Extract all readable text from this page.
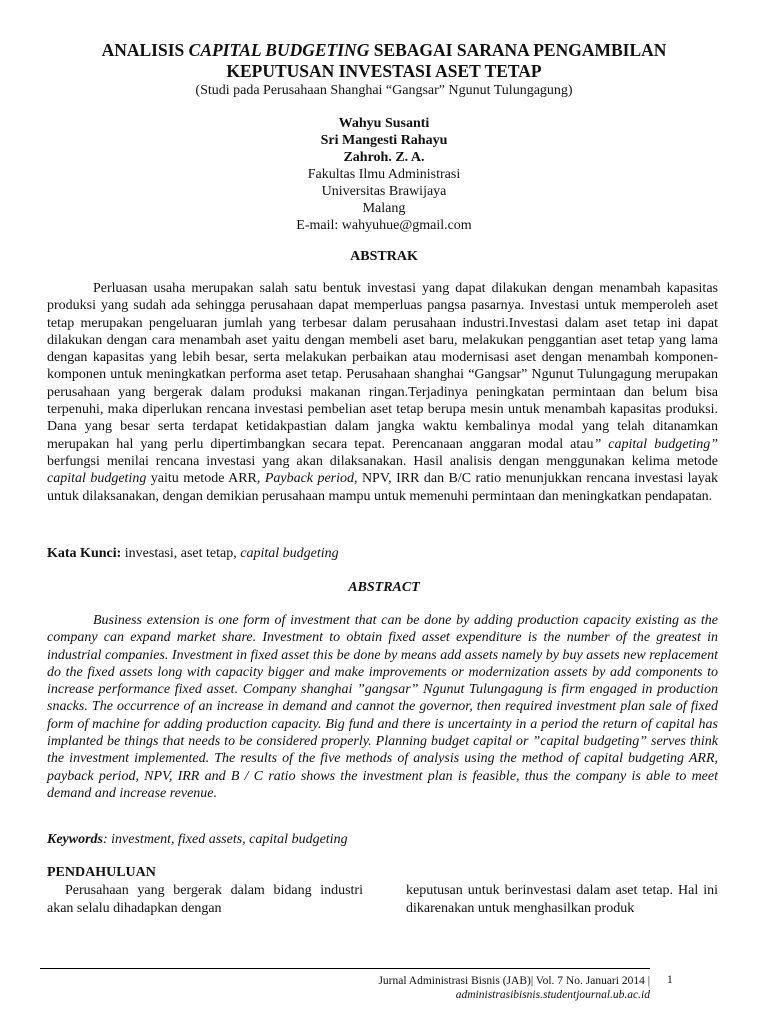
ANALISIS CAPITAL BUDGETING SEBAGAI SARANA PENGAMBILAN
KEPUTUSAN INVESTASI ASET TETAP
(Studi pada Perusahaan Shanghai “Gangsar” Ngunut Tulungagung)
Wahyu Susanti
Sri Mangesti Rahayu
Zahroh. Z. A.
Fakultas Ilmu Administrasi
Universitas Brawijaya
Malang
E-mail: wahyuhue@gmail.com
ABSTRAK

Perluasan usaha merupakan salah satu bentuk investasi yang dapat dilakukan dengan menambah kapasitas produksi yang sudah ada sehingga perusahaan dapat memperluas pangsa pasarnya. Investasi untuk memperoleh aset tetap merupakan pengeluaran jumlah yang terbesar dalam perusahaan industri.Investasi dalam aset tetap ini dapat dilakukan dengan cara menambah aset yaitu dengan membeli aset baru, melakukan penggantian aset tetap yang lama dengan kapasitas yang lebih besar, serta melakukan perbaikan atau modernisasi aset dengan menambah komponen-komponen untuk meningkatkan performa aset tetap. Perusahaan shanghai “Gangsar” Ngunut Tulungagung merupakan perusahaan yang bergerak dalam produksi makanan ringan.Terjadinya peningkatan permintaan dan belum bisa terpenuhi, maka diperlukan rencana investasi pembelian aset tetap berupa mesin untuk menambah kapasitas produksi. Dana yang besar serta terdapat ketidakpastian dalam jangka waktu kembalinya modal yang telah ditanamkan merupakan hal yang perlu dipertimbangkan secara tepat. Perencanaan anggaran modal atau” capital budgeting” berfungsi menilai rencana investasi yang akan dilaksanakan. Hasil analisis dengan menggunakan kelima metode capital budgeting yaitu metode ARR, Payback period, NPV, IRR dan B/C ratio menunjukkan rencana investasi layak untuk dilaksanakan, dengan demikian perusahaan mampu untuk memenuhi permintaan dan meningkatkan pendapatan.

Kata Kunci: investasi, aset tetap, capital budgeting
ABSTRACT

Business extension is one form of investment that can be done by adding production capacity existing as the company can expand market share. Investment to obtain fixed asset expenditure is the number of the greatest in industrial companies. Investment in fixed asset this be done by means add assets namely by buy assets new replacement do the fixed assets long with capacity bigger and make improvements or modernization assets by add components to increase performance fixed asset. Company shanghai ”gangsar” Ngunut Tulungagung is firm engaged in production snacks. The occurrence of an increase in demand and cannot the governor, then required investment plan sale of fixed form of machine for adding production capacity. Big fund and there is uncertainty in a period the return of capital has implanted be things that needs to be considered properly. Planning budget capital or ”capital budgeting” serves think the investment implemented. The results of the five methods of analysis using the method of capital budgeting ARR, payback period, NPV, IRR and B / C ratio shows the investment plan is feasible, thus the company is able to meet demand and increase revenue.

Keywords: investment, fixed assets, capital budgeting
PENDAHULUAN

Perusahaan yang bergerak dalam bidang industri akan selalu dihadapkan dengan

keputusan untuk berinvestasi dalam aset tetap. Hal ini dikarenakan untuk menghasilkan produk

Jurnal Administrasi Bisnis (JAB)| Vol. 7 No. Januari 2014 |
administrasibisnis.studentjournal.ub.ac.id
1
